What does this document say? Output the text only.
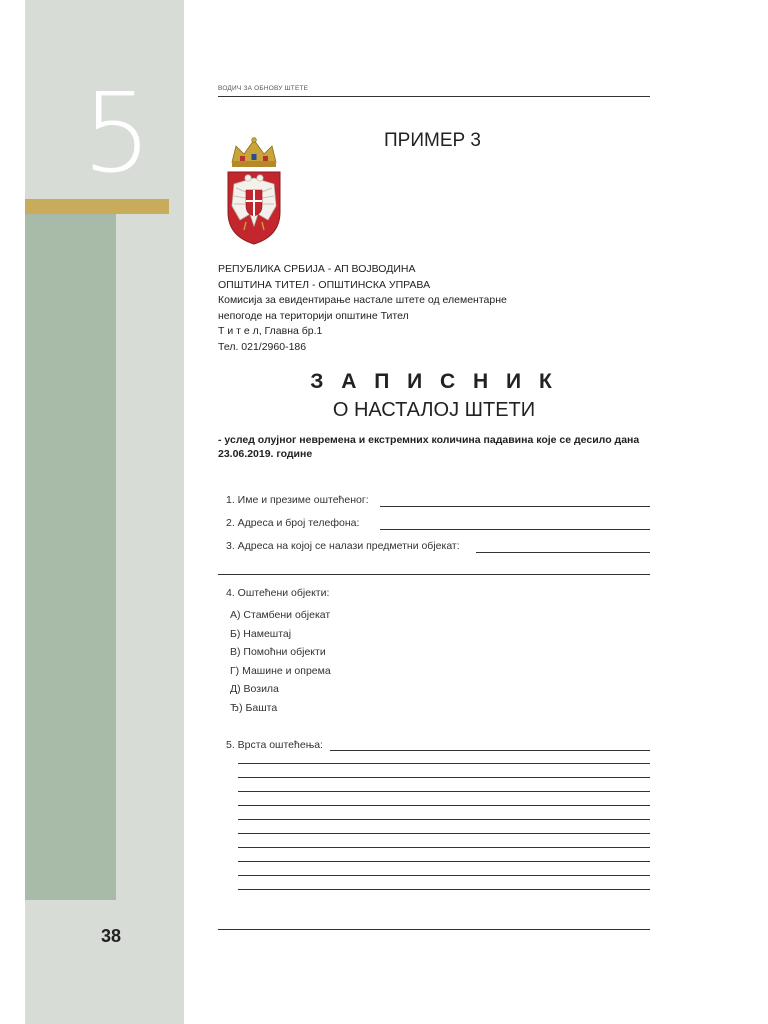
5
38
ВОДИЧ ЗА ОБНОВУ ШТЕТЕ
ПРИМЕР 3
РЕПУБЛИКА СРБИЈА - АП ВОЈВОДИНА
ОПШТИНА ТИТЕЛ - ОПШТИНСКА УПРАВА
Комисија за евидентирање настале штете од елементарне
непогоде на територији општине Тител
Т и т е л, Главна бр.1
Тел. 021/2960-186
З А П И С Н И К
О НАСТАЛОЈ ШТЕТИ
- услед олујног невремена и екстремних количина падавина које се десило дана 23.06.2019. године
1. Име и презиме оштећеног:
2. Адреса и број телефона:
3. Адреса на којој се налази предметни објекат:
4. Оштећени објекти:
А) Стамбени објекат
Б) Намештај
В) Помоћни објекти
Г) Машине и опрема
Д) Возила
Ђ) Башта
5. Врста оштећења:
